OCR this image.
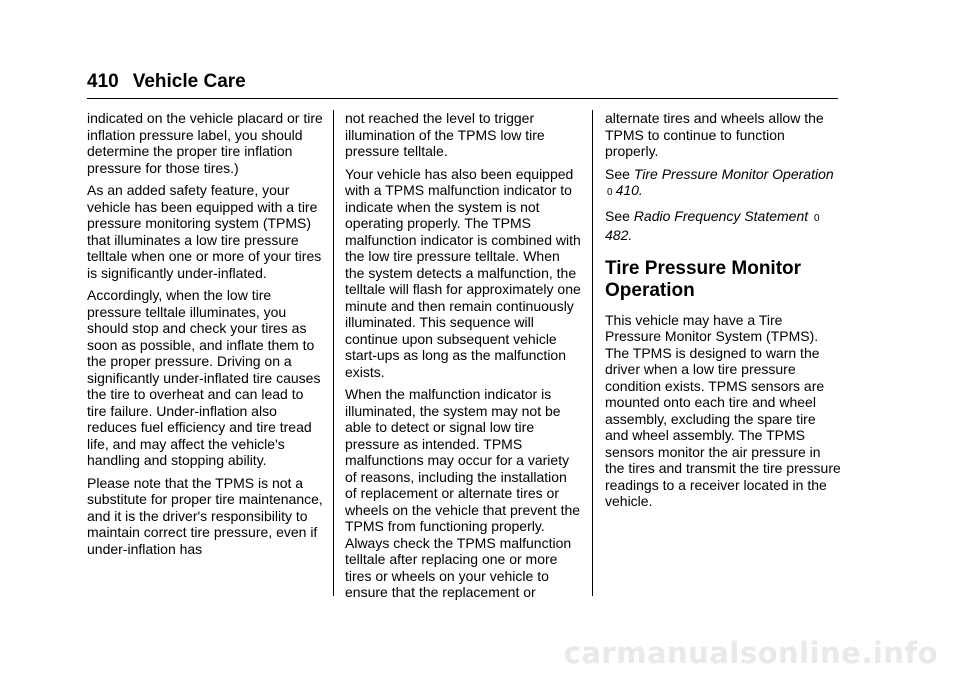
410 Vehicle Care

indicated on the vehicle placard or tire inflation pressure label, you should determine the proper tire inflation pressure for those tires.)

As an added safety feature, your vehicle has been equipped with a tire pressure monitoring system (TPMS) that illuminates a low tire pressure telltale when one or more of your tires is significantly under-inflated.

Accordingly, when the low tire pressure telltale illuminates, you should stop and check your tires as soon as possible, and inflate them to the proper pressure. Driving on a significantly under-inflated tire causes the tire to overheat and can lead to tire failure. Under-inflation also reduces fuel efficiency and tire tread life, and may affect the vehicle's handling and stopping ability.

Please note that the TPMS is not a substitute for proper tire maintenance, and it is the driver's responsibility to maintain correct tire pressure, even if under-inflation has

not reached the level to trigger illumination of the TPMS low tire pressure telltale.

Your vehicle has also been equipped with a TPMS malfunction indicator to indicate when the system is not operating properly. The TPMS malfunction indicator is combined with the low tire pressure telltale. When the system detects a malfunction, the telltale will flash for approximately one minute and then remain continuously illuminated. This sequence will continue upon subsequent vehicle start-ups as long as the malfunction exists.

When the malfunction indicator is illuminated, the system may not be able to detect or signal low tire pressure as intended. TPMS malfunctions may occur for a variety of reasons, including the installation of replacement or alternate tires or wheels on the vehicle that prevent the TPMS from functioning properly. Always check the TPMS malfunction telltale after replacing one or more tires or wheels on your vehicle to ensure that the replacement or

alternate tires and wheels allow the TPMS to continue to function properly.

See Tire Pressure Monitor Operation 0 410.

See Radio Frequency Statement 0482.

Tire Pressure Monitor Operation

This vehicle may have a Tire Pressure Monitor System (TPMS). The TPMS is designed to warn the driver when a low tire pressure condition exists. TPMS sensors are mounted onto each tire and wheel assembly, excluding the spare tire and wheel assembly. The TPMS sensors monitor the air pressure in the tires and transmit the tire pressure readings to a receiver located in the vehicle.

carmanualsonline.info
